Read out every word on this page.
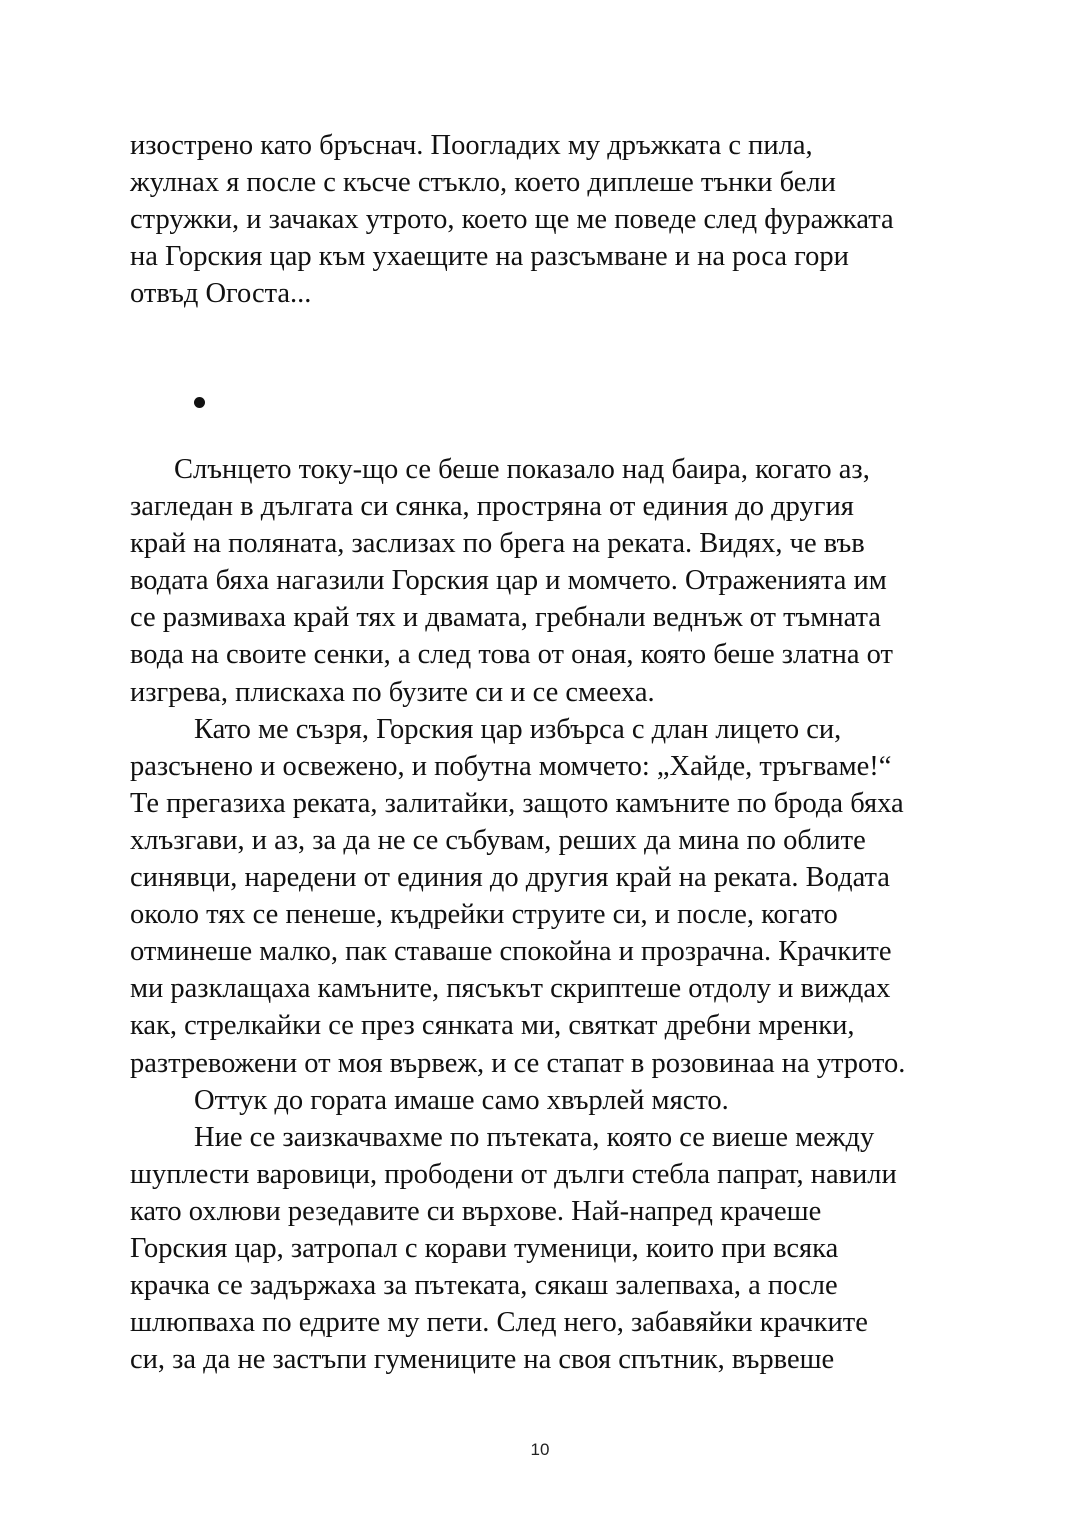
изострено като бръснач. Поогладих му дръжката с пила,
жулнах я после с късче стъкло, което диплеше тънки бели
стружки, и зачаках утрото, което ще ме поведе след фуражката
на Горския цар към ухаещите на разсъмване и на роса гори
отвъд Огоста...
Слънцето току-що се беше показало над баира, когато аз,
загледан в дългата си сянка, простряна от единия до другия
край на поляната, заслизах по брега на реката. Видях, че във
водата бяха нагазили Горския цар и момчето. Отраженията им
се размиваха край тях и двамата, гребнали веднъж от тъмната
вода на своите сенки, а след това от оная, която беше златна от
изгрева, плискаха по бузите си и се смееха.
Като ме съзря, Горския цар избърса с длан лицето си,
разсънено и освежено, и побутна момчето: „Хайде, тръгваме!“
Те прегазиха реката, залитайки, защото камъните по брода бяха
хлъзгави, и аз, за да не се събувам, реших да мина по облите
синявци, наредени от единия до другия край на реката. Водата
около тях се пенеше, къдрейки струите си, и после, когато
отминеше малко, пак ставаше спокойна и прозрачна. Крачките
ми разклащаха камъните, пясъкът скриптеше отдолу и виждах
как, стрелкайки се през сянката ми, святкат дребни мренки,
разтревожени от моя вървеж, и се стапат в розовинаа на утрото.
Оттук до гората имаше само хвърлей място.
Ние се заизкачвахме по пътеката, която се виеше между
шуплести варовици, прободени от дълги стебла папрат, навили
като охлюви резедавите си върхове. Най-напред крачеше
Горския цар, затропал с корави туменици, които при всяка
крачка се задържаха за пътеката, сякаш залепваха, а после
шлюпваха по едрите му пети. След него, забавяйки крачките
си, за да не застъпи гумениците на своя спътник, вървеше
10
